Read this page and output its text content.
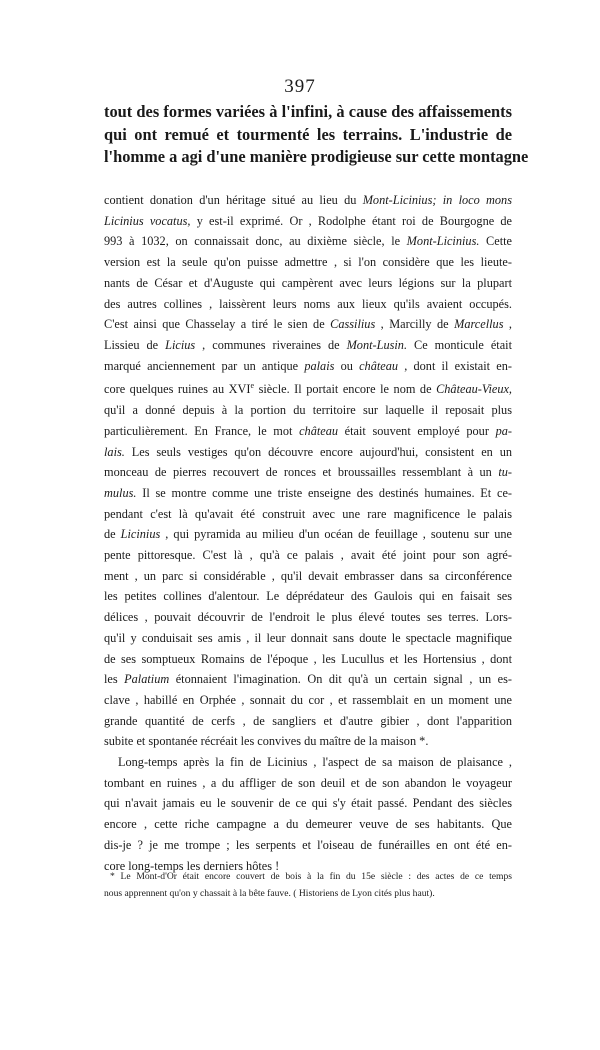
397
tout des formes variées à l'infini, à cause des affaissements
qui ont remué et tourmenté les terrains. L'industrie de
l'homme a agi d'une manière prodigieuse sur cette montagne
contient donation d'un héritage situé au lieu du Mont-Licinius; in loco mons
Licinius vocatus, y est-il exprimé. Or , Rodolphe étant roi de Bourgogne de
993 à 1032, on connaissait donc, au dixième siècle, le Mont-Licinius. Cette
version est la seule qu'on puisse admettre , si l'on considère que les lieute-
nants de César et d'Auguste qui campèrent avec leurs légions sur la plupart
des autres collines , laissèrent leurs noms aux lieux qu'ils avaient occupés.
C'est ainsi que Chasselay a tiré le sien de Cassilius , Marcilly de Marcellus ,
Lissieu de Licius , communes riveraines de Mont-Lusin. Ce monticule était
marqué anciennement par un antique palais ou château , dont il existait en-
core quelques ruines au XVIe siècle. Il portait encore le nom de Château-Vieux,
qu'il a donné depuis à la portion du territoire sur laquelle il reposait plus
particulièrement. En France, le mot château était souvent employé pour pa-
lais. Les seuls vestiges qu'on découvre encore aujourd'hui, consistent en un
monceau de pierres recouvert de ronces et broussailles ressemblant à un tu-
mulus. Il se montre comme une triste enseigne des destinés humaines. Et ce-
pendant c'est là qu'avait été construit avec une rare magnificence le palais
de Licinius , qui pyramida au milieu d'un océan de feuillage , soutenu sur une
pente pittoresque. C'est là , qu'à ce palais , avait été joint pour son agré-
ment , un parc si considérable , qu'il devait embrasser dans sa circonférence
les petites collines d'alentour. Le déprédateur des Gaulois qui en faisait ses
délices , pouvait découvrir de l'endroit le plus élevé toutes ses terres. Lors-
qu'il y conduisait ses amis , il leur donnait sans doute le spectacle magnifique
de ses somptueux Romains de l'époque , les Lucullus et les Hortensius , dont
les Palatium étonnaient l'imagination. On dit qu'à un certain signal , un es-
clave , habillé en Orphée , sonnait du cor , et rassemblait en un moment une
grande quantité de cerfs , de sangliers et d'autre gibier , dont l'apparition
subite et spontanée récréait les convives du maître de la maison *.
Long-temps après la fin de Licinius , l'aspect de sa maison de plaisance ,
tombant en ruines , a du affliger de son deuil et de son abandon le voyageur
qui n'avait jamais eu le souvenir de ce qui s'y était passé. Pendant des siècles
encore , cette riche campagne a du demeurer veuve de ses habitants. Que
dis-je ? je me trompe ; les serpents et l'oiseau de funérailles en ont été en-
core long-temps les derniers hôtes !
* Le Mont-d'Or était encore couvert de bois à la fin du 15e siècle : des actes de ce temps
nous apprennent qu'on y chassait à la bête fauve. ( Historiens de Lyon cités plus haut).
